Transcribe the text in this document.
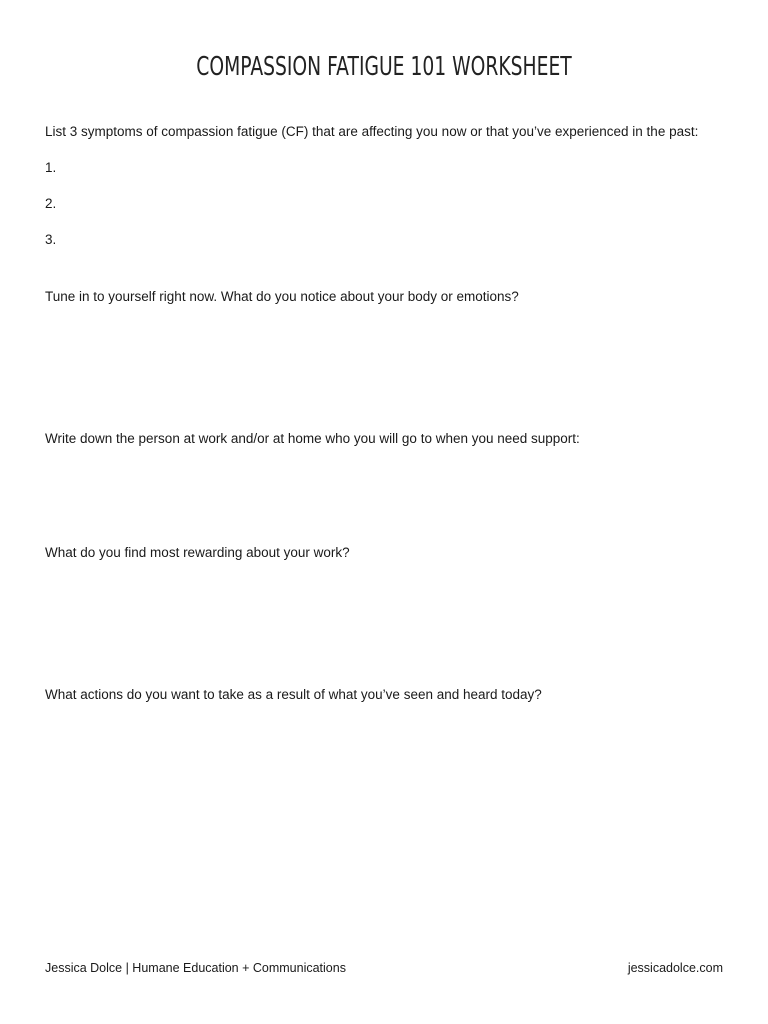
COMPASSION FATIGUE 101 WORKSHEET

List 3 symptoms of compassion fatigue (CF) that are affecting you now or that you’ve experienced in the past:

1.

2.

3.

Tune in to yourself right now. What do you notice about your body or emotions?

Write down the person at work and/or at home who you will go to when you need support:

What do you find most rewarding about your work?

What actions do you want to take as a result of what you’ve seen and heard today?

Jessica Dolce | Humane Education + Communications	jessicadolce.com
